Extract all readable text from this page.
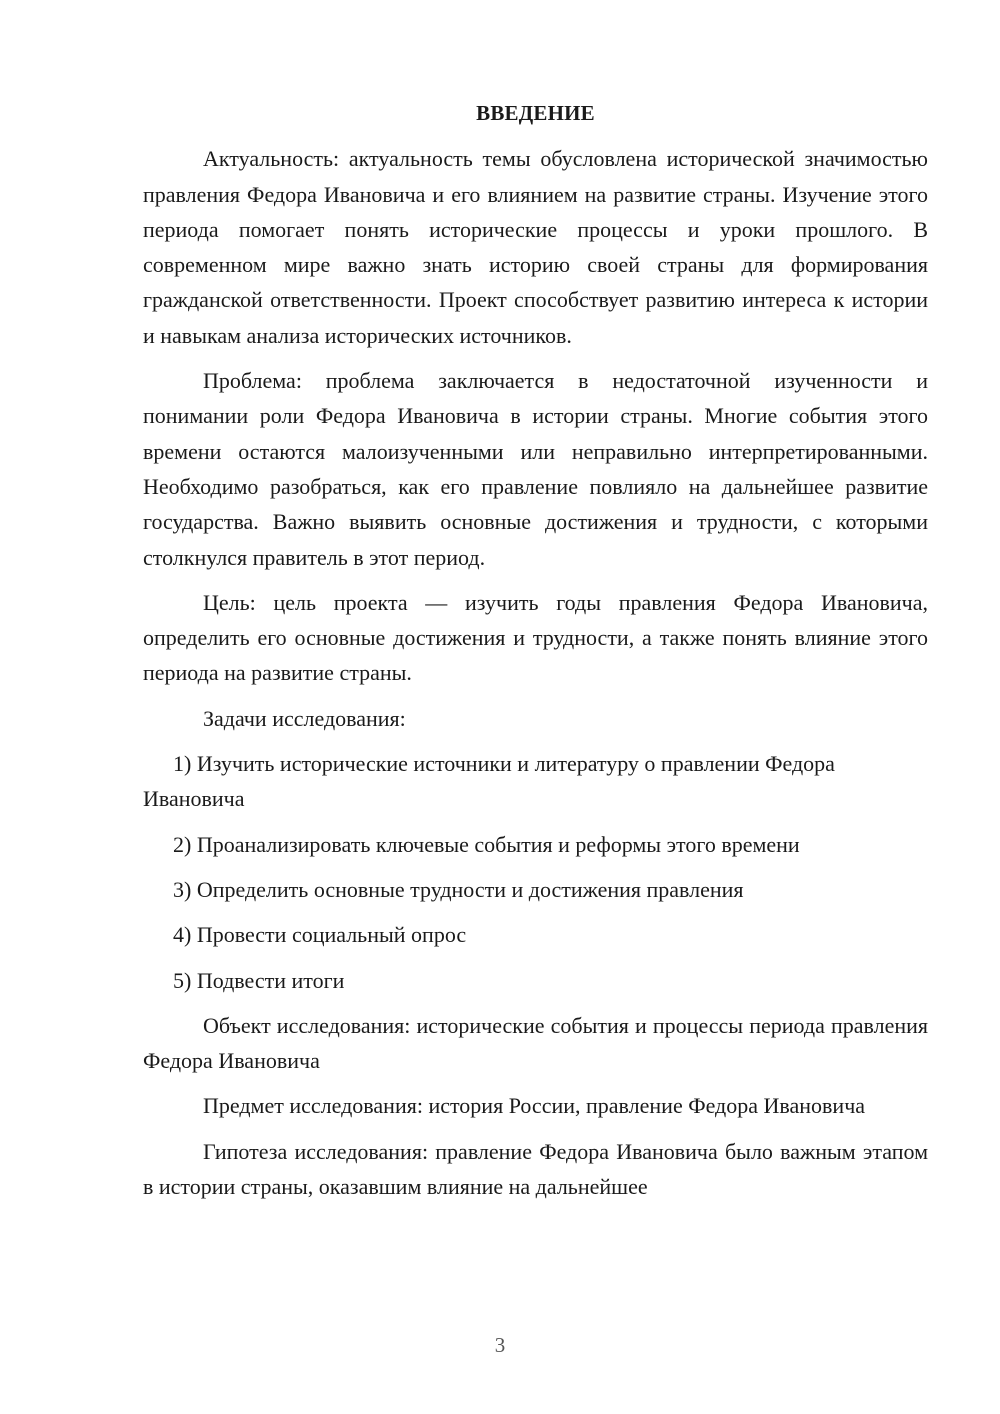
ВВЕДЕНИЕ

Актуальность: актуальность темы обусловлена исторической значимостью правления Федора Ивановича и его влиянием на развитие страны. Изучение этого периода помогает понять исторические процессы и уроки прошлого. В современном мире важно знать историю своей страны для формирования гражданской ответственности. Проект способствует развитию интереса к истории и навыкам анализа исторических источников.

Проблема: проблема заключается в недостаточной изученности и понимании роли Федора Ивановича в истории страны. Многие события этого времени остаются малоизученными или неправильно интерпретированными. Необходимо разобраться, как его правление повлияло на дальнейшее развитие государства. Важно выявить основные достижения и трудности, с которыми столкнулся правитель в этот период.

Цель: цель проекта — изучить годы правления Федора Ивановича, определить его основные достижения и трудности, а также понять влияние этого периода на развитие страны.

Задачи исследования:

1) Изучить исторические источники и литературу о правлении Федора Ивановича

2) Проанализировать ключевые события и реформы этого времени

3) Определить основные трудности и достижения правления

4) Провести социальный опрос

5) Подвести итоги

Объект исследования: исторические события и процессы периода правления Федора Ивановича

Предмет исследования: история России, правление Федора Ивановича

Гипотеза исследования: правление Федора Ивановича было важным этапом в истории страны, оказавшим влияние на дальнейшее

3
